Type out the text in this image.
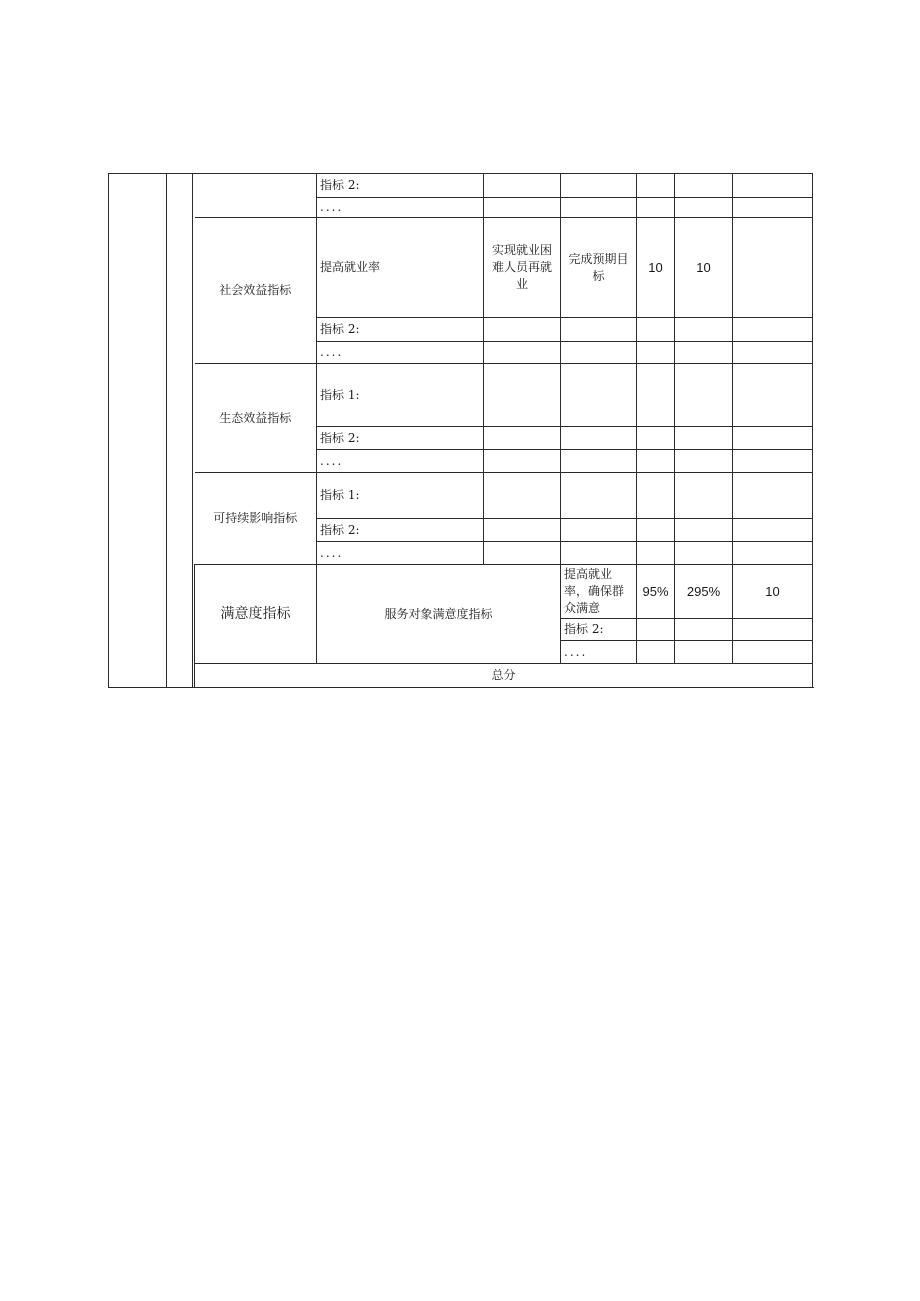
				指标 2:						
				....						
			社会效益指标	提高就业率	实现就业困难人员再就业	完成预期目标	10	10		
				指标 2:						
				....						
			生态效益指标	指标 1:						
				指标 2:						
				....						
			可持续影响指标	指标 1:						
				指标 2:						
				....						
			满意度指标	服务对象满意度指标		提高就业率，确保群众满意	95%	295%	10		
						指标 2:					
						....					
			总分			
